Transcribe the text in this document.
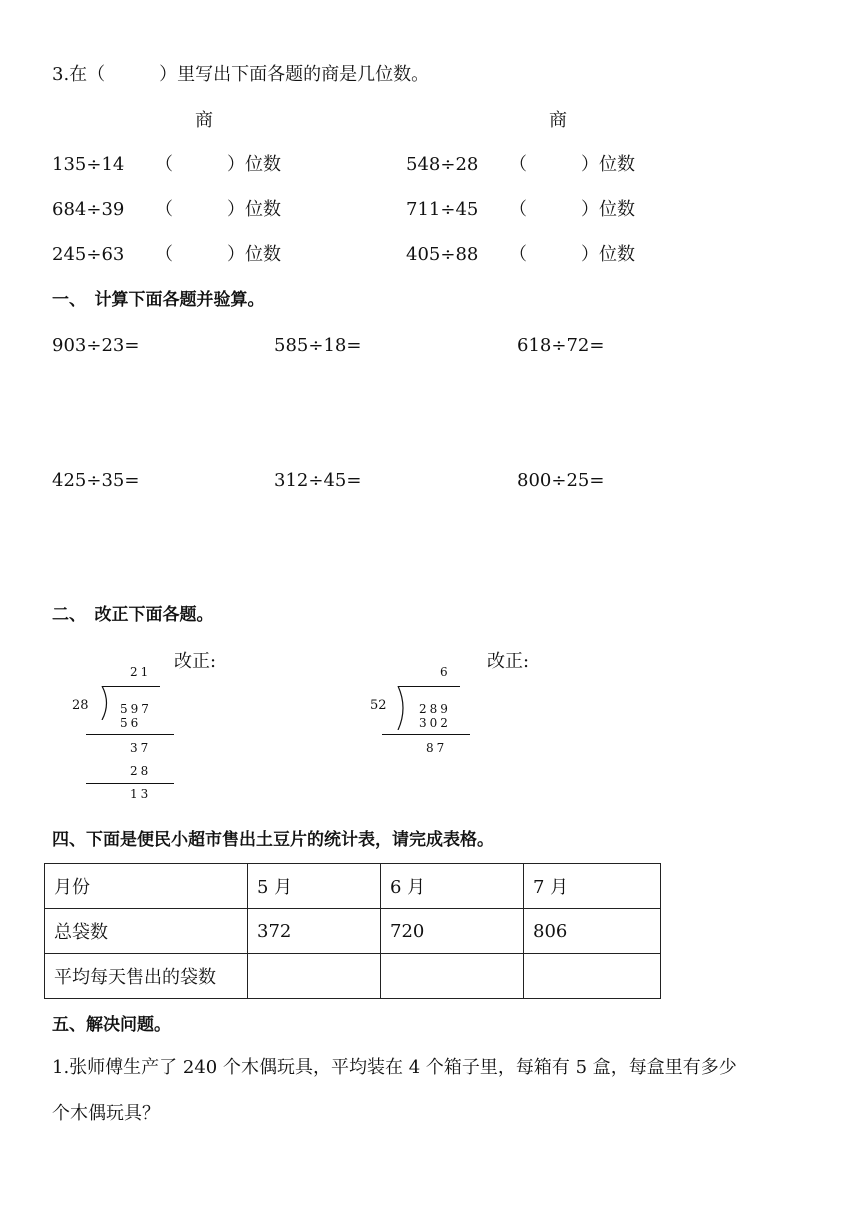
3.在（　　　）里写出下面各题的商是几位数。
商	商
135÷14 （　　　）位数	548÷28 （　　　）位数
684÷39 （　　　）位数	711÷45 （　　　）位数
245÷63 （　　　）位数	405÷88 （　　　）位数
一、　计算下面各题并验算。
903÷23=	585÷18=	618÷72=
425÷35=	312÷45=	800÷25=
二、　改正下面各题。
改正:
21
28	597
56
37
28
13
改正:
6
52	289
302
87
四、下面是便民小超市售出土豆片的统计表，请完成表格。
月份	5 月	6 月	7 月
总袋数	372	720	806
平均每天售出的袋数			
五、解决问题。
1.张师傅生产了 240 个木偶玩具，平均装在 4 个箱子里，每箱有 5 盒，每盒里有多少
个木偶玩具？
